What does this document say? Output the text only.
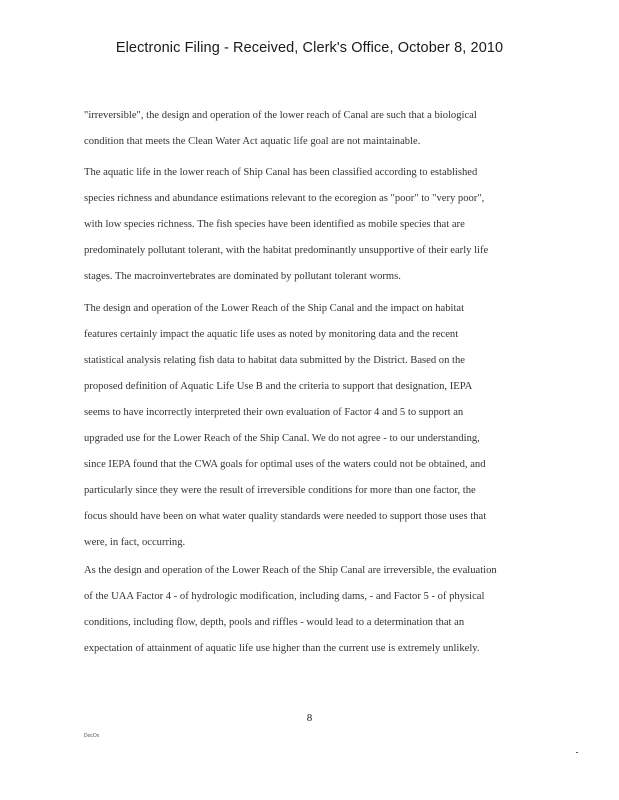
Electronic Filing - Received, Clerk's Office, October 8, 2010
"irreversible", the design and operation of the lower reach of Canal are such that a biological
condition that meets the Clean Water Act aquatic life goal are not maintainable.
The aquatic life in the lower reach of Ship Canal has been classified according to established
species richness and abundance estimations relevant to the ecoregion as "poor" to "very poor",
with low species richness. The fish species have been identified as mobile species that are
predominately pollutant tolerant, with the habitat predominantly unsupportive of their early life
stages. The macroinvertebrates are dominated by pollutant tolerant worms.
The design and operation of the Lower Reach of the Ship Canal and the impact on habitat
features certainly impact the aquatic life uses as noted by monitoring data and the recent
statistical analysis relating fish data to habitat data submitted by the District. Based on the
proposed definition of Aquatic Life Use B and the criteria to support that designation, IEPA
seems to have incorrectly interpreted their own evaluation of Factor 4 and 5 to support an
upgraded use for the Lower Reach of the Ship Canal. We do not agree - to our understanding,
since IEPA found that the CWA goals for optimal uses of the waters could not be obtained, and
particularly since they were the result of irreversible conditions for more than one factor, the
focus should have been on what water quality standards were needed to support those uses that
were, in fact, occurring.
As the design and operation of the Lower Reach of the Ship Canal are irreversible, the evaluation
of the UAA Factor 4 - of hydrologic modification, including dams, - and Factor 5 - of physical
conditions, including flow, depth, pools and riffles - would lead to a determination that an
expectation of attainment of aquatic life use higher than the current use is extremely unlikely.
8
DocOx
